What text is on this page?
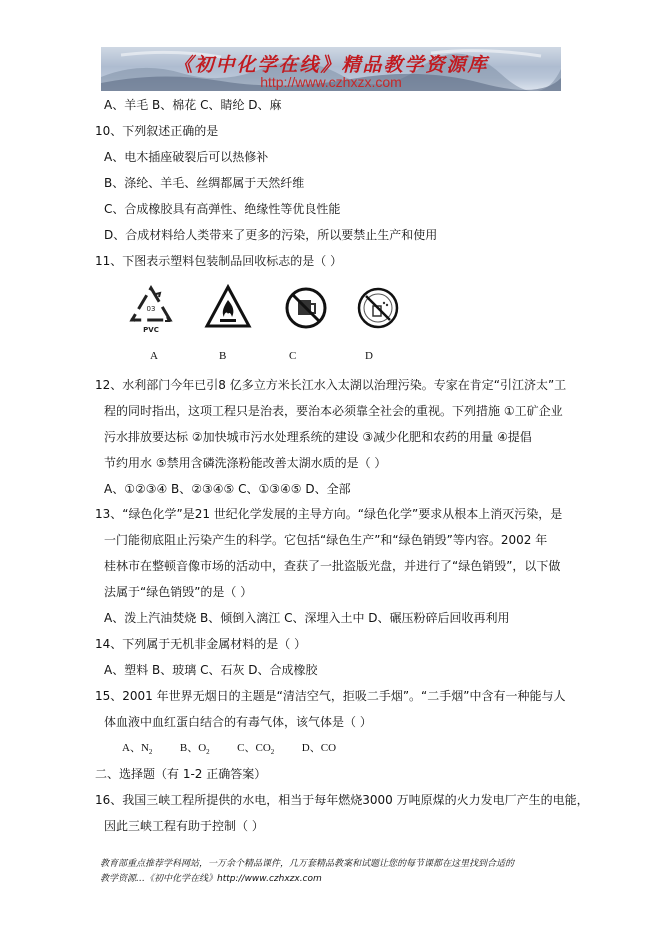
《初中化学在线》精品教学资源库
http://www.czhxzx.com
A、羊毛 B、棉花 C、睛纶 D、麻
10、下列叙述正确的是
A、电木插座破裂后可以热修补
B、涤纶、羊毛、丝绸都属于天然纤维
C、合成橡胶具有高弹性、绝缘性等优良性能
D、合成材料给人类带来了更多的污染，所以要禁止生产和使用
11、下图表示塑料包装制品回收标志的是（ ）
03
PVC
A	B	C	D
12、水利部门今年已引8 亿多立方米长江水入太湖以治理污染。专家在肯定“引江济太”工
程的同时指出，这项工程只是治表，要治本必须靠全社会的重视。下列措施 ①工矿企业
污水排放要达标 ②加快城市污水处理系统的建设 ③减少化肥和农药的用量 ④提倡
节约用水 ⑤禁用含磷洗涤粉能改善太湖水质的是（ ）
A、①②③④ B、②③④⑤ C、①③④⑤ D、全部
13、“绿色化学”是21 世纪化学发展的主导方向。“绿色化学”要求从根本上消灭污染，是
一门能彻底阻止污染产生的科学。它包括“绿色生产”和“绿色销毁”等内容。2002 年
桂林市在整顿音像市场的活动中，查获了一批盗版光盘，并进行了“绿色销毁”，以下做
法属于“绿色销毁”的是（ ）
A、泼上汽油焚烧 B、倾倒入漓江 C、深埋入土中 D、碾压粉碎后回收再利用
14、下列属于无机非金属材料的是（ ）
A、塑料 B、玻璃 C、石灰 D、合成橡胶
15、2001 年世界无烟日的主题是“清洁空气，拒吸二手烟”。“二手烟”中含有一种能与人
体血液中血红蛋白结合的有毒气体，该气体是（ ）
A、$N_2$	B、$O_2$	C、$CO_2$	D、CO
二、选择题（有 1-2 正确答案）
16、我国三峡工程所提供的水电，相当于每年燃烧3000 万吨原煤的火力发电厂产生的电能，
因此三峡工程有助于控制（ ）
教育部重点推荐学科网站，一万余个精品课件，几万套精品教案和试题让您的每节课都在这里找到合适的
教学资源…《初中化学在线》http://www.czhxzx.com
